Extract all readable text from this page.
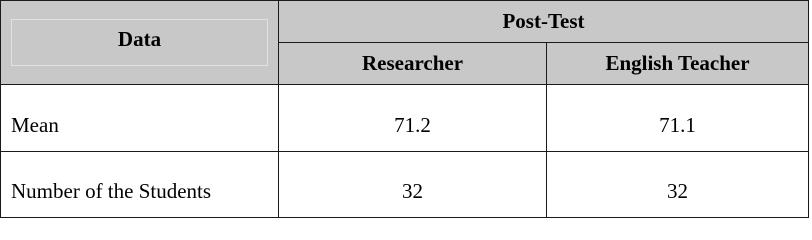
Data	Post-Test	
	Researcher	English Teacher
Mean	71.2	71.1
Number of the Students	32	32
